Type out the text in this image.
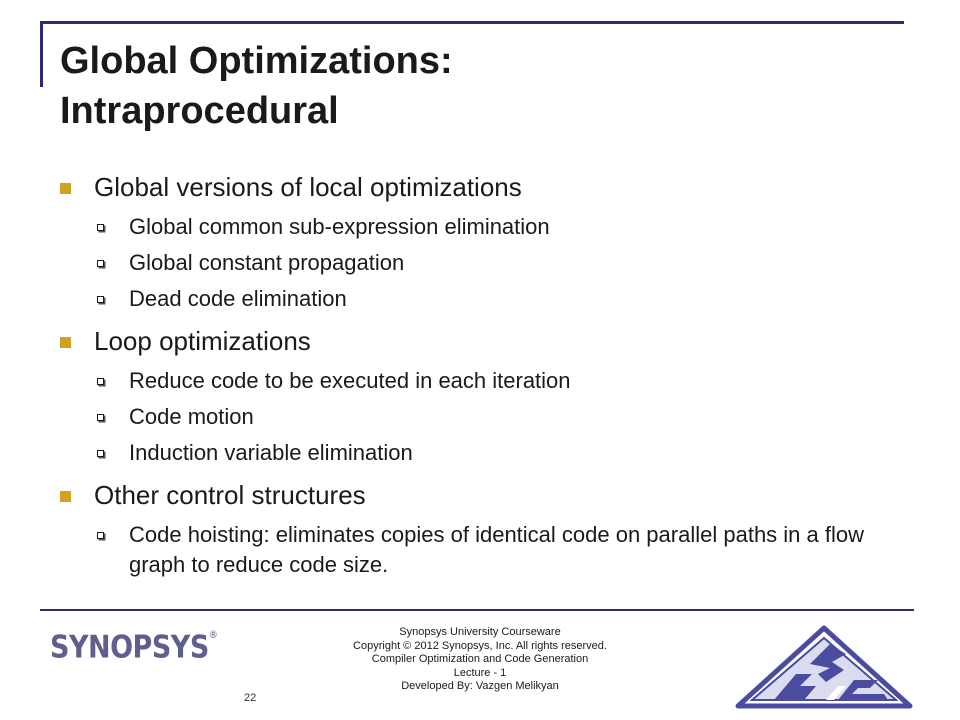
Global Optimizations:
Intraprocedural
Global versions of local optimizations
Global common sub-expression elimination
Global constant propagation
Dead code elimination
Loop optimizations
Reduce code to be executed in each iteration
Code motion
Induction variable elimination
Other control structures
Code hoisting: eliminates copies of identical code on parallel paths in a flow graph to reduce code size.
SYNOPSYS®	Synopsys University Courseware
Copyright © 2012 Synopsys, Inc. All rights reserved.
Compiler Optimization and Code Generation
Lecture - 1
Developed By: Vazgen Melikyan
22
